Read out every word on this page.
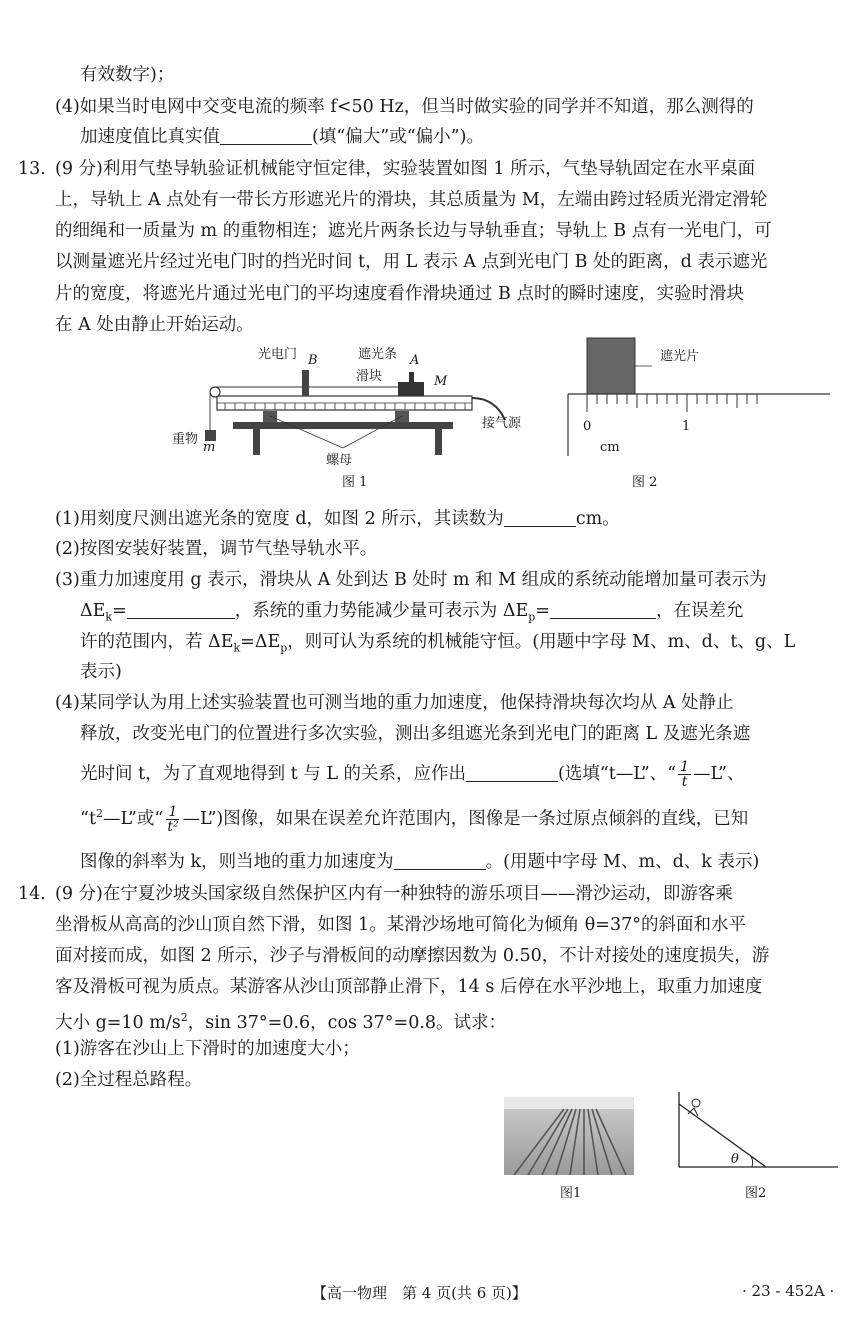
有效数字)；
(4)如果当时电网中交变电流的频率 f<50 Hz，但当时做实验的同学并不知道，那么测得的
加速度值比真实值	(填“偏大”或“偏小”)。
13. (9 分)利用气垫导轨验证机械能守恒定律，实验装置如图 1 所示，气垫导轨固定在水平桌面
上，导轨上 A 点处有一带长方形遮光片的滑块，其总质量为 M，左端由跨过轻质光滑定滑轮
的细绳和一质量为 m 的重物相连；遮光片两条长边与导轨垂直；导轨上 B 点有一光电门，可
以测量遮光片经过光电门时的挡光时间 t，用 L 表示 A 点到光电门 B 处的距离，d 表示遮光
片的宽度，将遮光片通过光电门的平均速度看作滑块通过 B 点时的瞬时速度，实验时滑块
在 A 处由静止开始运动。
光电门 B	遮光条 A
滑块	M
重物
m
螺母
接气源
图 1
遮光片
0	1
cm
图 2
(1)用刻度尺测出遮光条的宽度 d，如图 2 所示，其读数为	cm。
(2)按图安装好装置，调节气垫导轨水平。
(3)重力加速度用 g 表示，滑块从 A 处到达 B 处时 m 和 M 组成的系统动能增加量可表示为
$\Delta E_k=$	，系统的重力势能减少量可表示为 $\Delta E_p=$	，在误差允
许的范围内，若 $\Delta E_k=\Delta E_p$，则可认为系统的机械能守恒。(用题中字母 M、m、d、t、g、L
表示)
(4)某同学认为用上述实验装置也可测当地的重力加速度，他保持滑块每次均从 A 处静止
释放，改变光电门的位置进行多次实验，测出多组遮光条到光电门的距离 L 及遮光条遮
光时间 t，为了直观地得到 t 与 L 的关系，应作出	(选填“t—L”、“ $\frac{1}{t}$ —L”、
“$t^2—L$”或“ $\frac{1}{\text{t²}}$ —L”)图像，如果在误差允许范围内，图像是一条过原点倾斜的直线，已知
图像的斜率为 k，则当地的重力加速度为	。(用题中字母 M、m、d、k 表示)
14. (9 分)在宁夏沙坡头国家级自然保护区内有一种独特的游乐项目——滑沙运动，即游客乘
坐滑板从高高的沙山顶自然下滑，如图 1。某滑沙场地可简化为倾角 θ=37°的斜面和水平
面对接而成，如图 2 所示，沙子与滑板间的动摩擦因数为 0.50，不计对接处的速度损失，游
客及滑板可视为质点。某游客从沙山顶部静止滑下，14 s 后停在水平沙地上，取重力加速度
大小 g=10 $m/s^2$，sin 37°=0.6，cos 37°=0.8。试求：
(1)游客在沙山上下滑时的加速度大小；
(2)全过程总路程。
图1
θ
图2
【高一物理　第 4 页(共 6 页)】	· 23 - 452A ·
